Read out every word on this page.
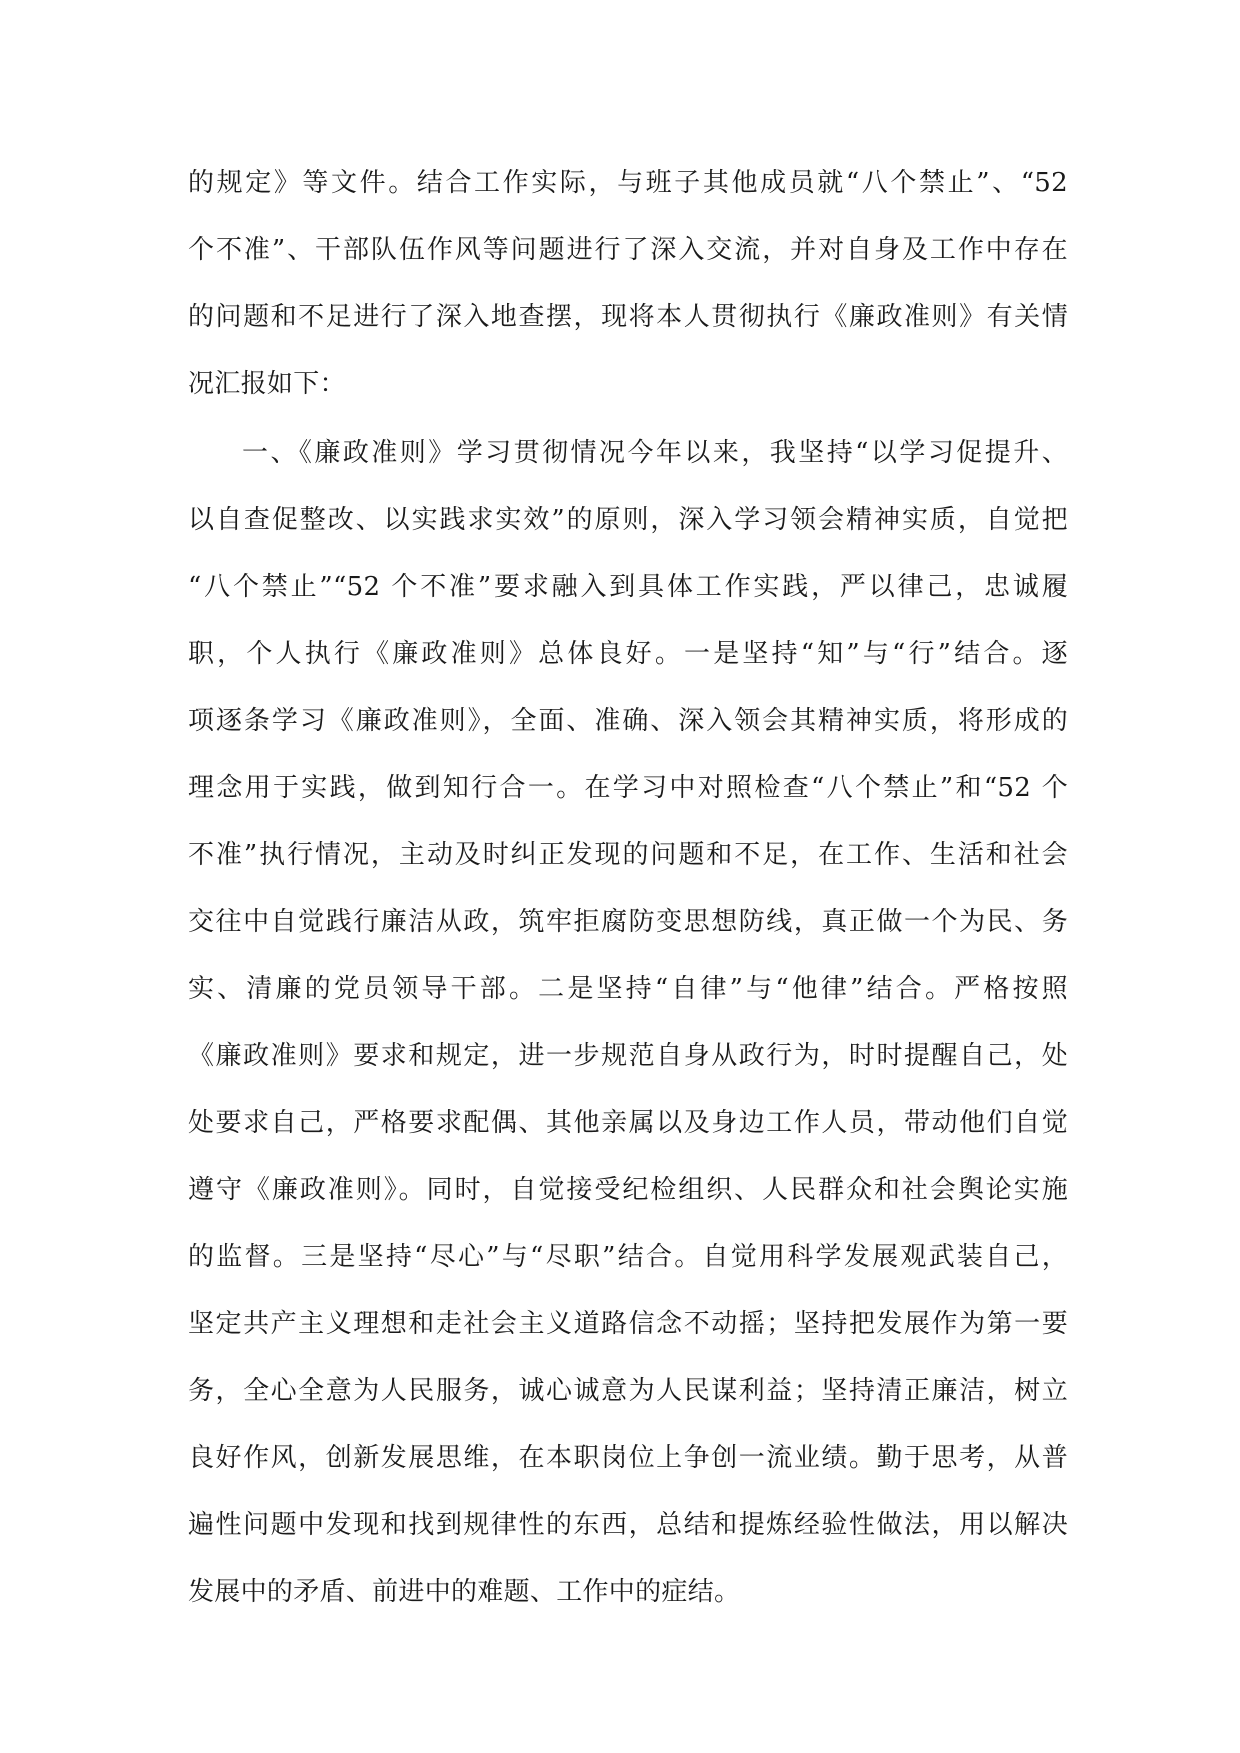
的规定》等文件。结合工作实际，与班子其他成员就“八个禁止”、“52
个不准”、干部队伍作风等问题进行了深入交流，并对自身及工作中存在
的问题和不足进行了深入地查摆，现将本人贯彻执行《廉政准则》有关情
况汇报如下：
一、《廉政准则》学习贯彻情况今年以来，我坚持“以学习促提升、
以自查促整改、以实践求实效”的原则，深入学习领会精神实质，自觉把
“八个禁止”“52 个不准”要求融入到具体工作实践，严以律己，忠诚履
职，个人执行《廉政准则》总体良好。一是坚持“知”与“行”结合。逐
项逐条学习《廉政准则》，全面、准确、深入领会其精神实质，将形成的
理念用于实践，做到知行合一。在学习中对照检查“八个禁止”和“52 个
不准”执行情况，主动及时纠正发现的问题和不足，在工作、生活和社会
交往中自觉践行廉洁从政，筑牢拒腐防变思想防线，真正做一个为民、务
实、清廉的党员领导干部。二是坚持“自律”与“他律”结合。严格按照
《廉政准则》要求和规定，进一步规范自身从政行为，时时提醒自己，处
处要求自己，严格要求配偶、其他亲属以及身边工作人员，带动他们自觉
遵守《廉政准则》。同时，自觉接受纪检组织、人民群众和社会舆论实施
的监督。三是坚持“尽心”与“尽职”结合。自觉用科学发展观武装自己，
坚定共产主义理想和走社会主义道路信念不动摇；坚持把发展作为第一要
务，全心全意为人民服务，诚心诚意为人民谋利益；坚持清正廉洁，树立
良好作风，创新发展思维，在本职岗位上争创一流业绩。勤于思考，从普
遍性问题中发现和找到规律性的东西，总结和提炼经验性做法，用以解决
发展中的矛盾、前进中的难题、工作中的症结。
